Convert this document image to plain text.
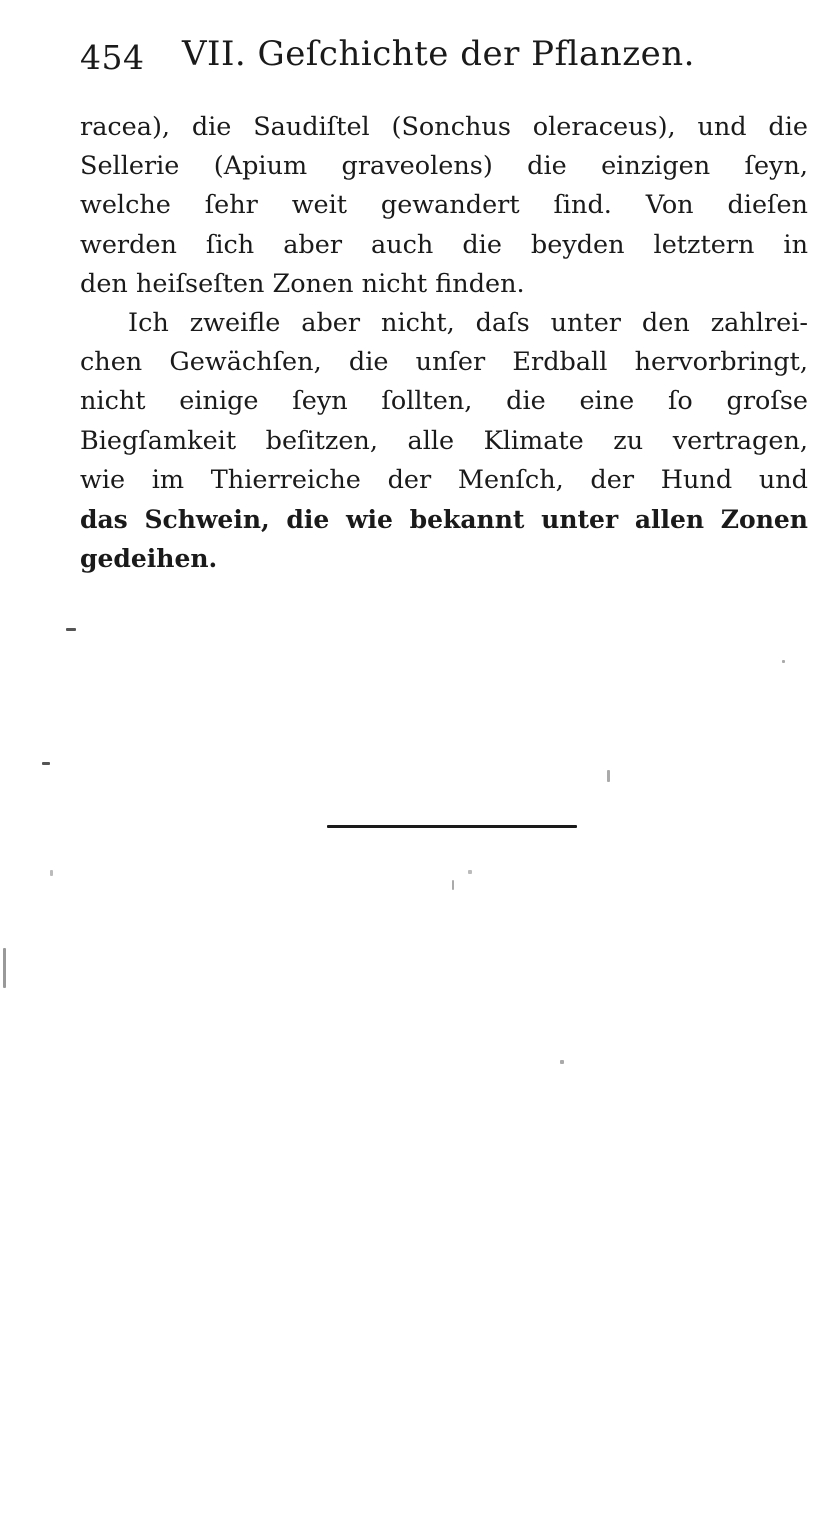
454 VII. Geſchichte der Pflanzen.
racea), die Saudiſtel (Sonchus oleraceus), und die
Sellerie (Apium graveolens) die einzigen ſeyn,
welche ſehr weit gewandert ſind. Von dieſen
werden ſich aber auch die beyden letztern in
den heiſseſten Zonen nicht finden.
Ich zweifle aber nicht, daſs unter den zahlrei-
chen Gewächſen, die unſer Erdball hervorbringt,
nicht einige ſeyn ſollten, die eine ſo groſse
Biegſamkeit beſitzen, alle Klimate zu vertragen,
wie im Thierreiche der Menſch, der Hund und
das Schwein, die wie bekannt unter allen Zonen
gedeihen.
